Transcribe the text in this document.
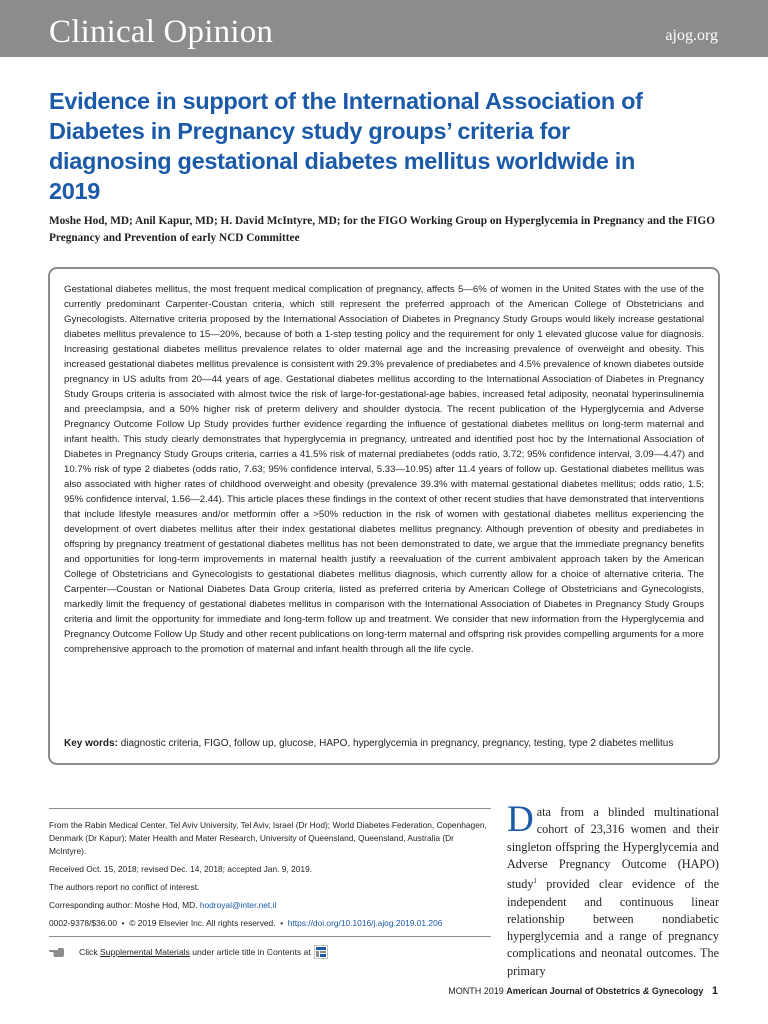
Clinical Opinion	ajog.org
Evidence in support of the International Association of Diabetes in Pregnancy study groups’ criteria for diagnosing gestational diabetes mellitus worldwide in 2019
Moshe Hod, MD; Anil Kapur, MD; H. David McIntyre, MD; for the FIGO Working Group on Hyperglycemia in Pregnancy and the FIGO Pregnancy and Prevention of early NCD Committee

Gestational diabetes mellitus, the most frequent medical complication of pregnancy, affects 5—6% of women in the United States with the use of the currently predominant Carpenter-Coustan criteria, which still represent the preferred approach of the American College of Obstetricians and Gynecologists. Alternative criteria proposed by the International Association of Diabetes in Pregnancy Study Groups would likely increase gestational diabetes mellitus prevalence to 15—20%, because of both a 1-step testing policy and the requirement for only 1 elevated glucose value for diagnosis. Increasing gestational diabetes mellitus prevalence relates to older maternal age and the increasing prevalence of overweight and obesity. This increased gestational diabetes mellitus prevalence is consistent with 29.3% prevalence of prediabetes and 4.5% prevalence of known diabetes outside pregnancy in US adults from 20—44 years of age. Gestational diabetes mellitus according to the International Association of Diabetes in Pregnancy Study Groups criteria is associated with almost twice the risk of large-for-gestational-age babies, increased fetal adiposity, neonatal hyperinsulinemia and preeclampsia, and a 50% higher risk of preterm delivery and shoulder dystocia. The recent publication of the Hyperglycemia and Adverse Pregnancy Outcome Follow Up Study provides further evidence regarding the influence of gestational diabetes mellitus on long-term maternal and infant health. This study clearly demonstrates that hyperglycemia in pregnancy, untreated and identified post hoc by the International Association of Diabetes in Pregnancy Study Groups criteria, carries a 41.5% risk of maternal prediabetes (odds ratio, 3.72; 95% confidence interval, 3.09—4.47) and 10.7% risk of type 2 diabetes (odds ratio, 7.63; 95% confidence interval, 5.33—10.95) after 11.4 years of follow up. Gestational diabetes mellitus was also associated with higher rates of childhood overweight and obesity (prevalence 39.3% with maternal gestational diabetes mellitus; odds ratio, 1.5; 95% confidence interval, 1.56—2.44). This article places these findings in the context of other recent studies that have demonstrated that interventions that include lifestyle measures and/or metformin offer a >50% reduction in the risk of women with gestational diabetes mellitus experiencing the development of overt diabetes mellitus after their index gestational diabetes mellitus pregnancy. Although prevention of obesity and prediabetes in offspring by pregnancy treatment of gestational diabetes mellitus has not been demonstrated to date, we argue that the immediate pregnancy benefits and opportunities for long-term improvements in maternal health justify a reevaluation of the current ambivalent approach taken by the American College of Obstetricians and Gynecologists to gestational diabetes mellitus diagnosis, which currently allow for a choice of alternative criteria. The Carpenter—Coustan or National Diabetes Data Group criteria, listed as preferred criteria by American College of Obstetricians and Gynecologists, markedly limit the frequency of gestational diabetes mellitus in comparison with the International Association of Diabetes in Pregnancy Study Groups criteria and limit the opportunity for immediate and long-term follow up and treatment. We consider that new information from the Hyperglycemia and Pregnancy Outcome Follow Up Study and other recent publications on long-term maternal and offspring risk provides compelling arguments for a more comprehensive approach to the promotion of maternal and infant health through all the life cycle.

Key words: diagnostic criteria, FIGO, follow up, glucose, HAPO, hyperglycemia in pregnancy, pregnancy, testing, type 2 diabetes mellitus

From the Rabin Medical Center, Tel Aviv University, Tel Aviv, Israel (Dr Hod); World Diabetes Federation, Copenhagen, Denmark (Dr Kapur); Mater Health and Mater Research, University of Queensland, Queensland, Australia (Dr McIntyre).

Received Oct. 15, 2018; revised Dec. 14, 2018; accepted Jan. 9, 2019.

The authors report no conflict of interest.

Corresponding author: Moshe Hod, MD. hodroyal@inter.net.il

0002-9378/$36.00  •  © 2019 Elsevier Inc. All rights reserved.  •  https://doi.org/10.1016/j.ajog.2019.01.206

Click Supplemental Materials under article title in Contents at
Data from a blinded multinational cohort of 23,316 women and their singleton offspring the Hyperglycemia and Adverse Pregnancy Outcome (HAPO) study$^1$ provided clear evidence of the independent and continuous linear relationship between nondiabetic hyperglycemia and a range of pregnancy complications and neonatal outcomes. The primary
MONTH 2019 American Journal of Obstetrics & Gynecology 1
